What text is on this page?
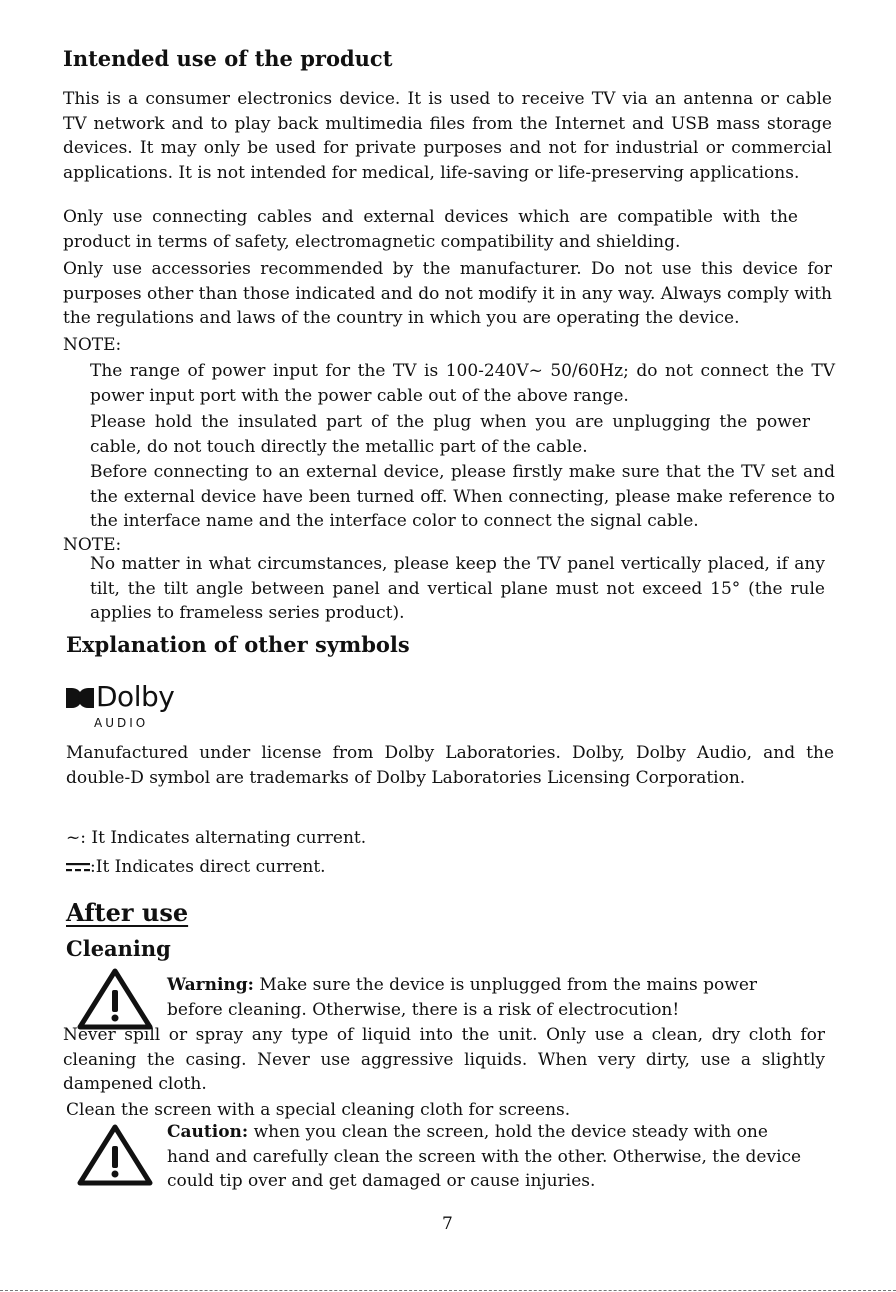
Intended use of the product

This is a consumer electronics device. It is used to receive TV via an antenna or cable TV network and to play back multimedia files from the Internet and USB mass storage devices. It may only be used for private purposes and not for industrial or commercial applications. It is not intended for medical, life-saving or life-preserving applications.

Only use connecting cables and external devices which are compatible with the product in terms of safety, electromagnetic compatibility and shielding.

Only use accessories recommended by the manufacturer. Do not use this device for purposes other than those indicated and do not modify it in any way. Always comply with the regulations and laws of the country in which you are operating the device.

NOTE:

The range of power input for the TV is 100-240V~ 50/60Hz; do not connect the TV power input port with the power cable out of the above range.

Please hold the insulated part of the plug when you are unplugging the power cable, do not touch directly the metallic part of the cable.

Before connecting to an external device, please firstly make sure that the TV set and the external device have been turned off. When connecting, please make reference to the interface name and the interface color to connect the signal cable.

NOTE:

No matter in what circumstances, please keep the TV panel vertically placed, if any tilt, the tilt angle between panel and vertical plane must not exceed 15° (the rule applies to frameless series product).

Explanation of other symbols
Dolby
AUDIO

Manufactured under license from Dolby Laboratories. Dolby, Dolby Audio, and the double-D symbol are trademarks of Dolby Laboratories Licensing Corporation.

~: It Indicates alternating current.

:It Indicates direct current.

After use
Cleaning

Warning: Make sure the device is unplugged from the mains power before cleaning. Otherwise, there is a risk of electrocution!

Never spill or spray any type of liquid into the unit. Only use a clean, dry cloth for cleaning the casing. Never use aggressive liquids. When very dirty, use a slightly dampened cloth.

Clean the screen with a special cleaning cloth for screens.

Caution: when you clean the screen, hold the device steady with one hand and carefully clean the screen with the other. Otherwise, the device could tip over and get damaged or cause injuries.

7
